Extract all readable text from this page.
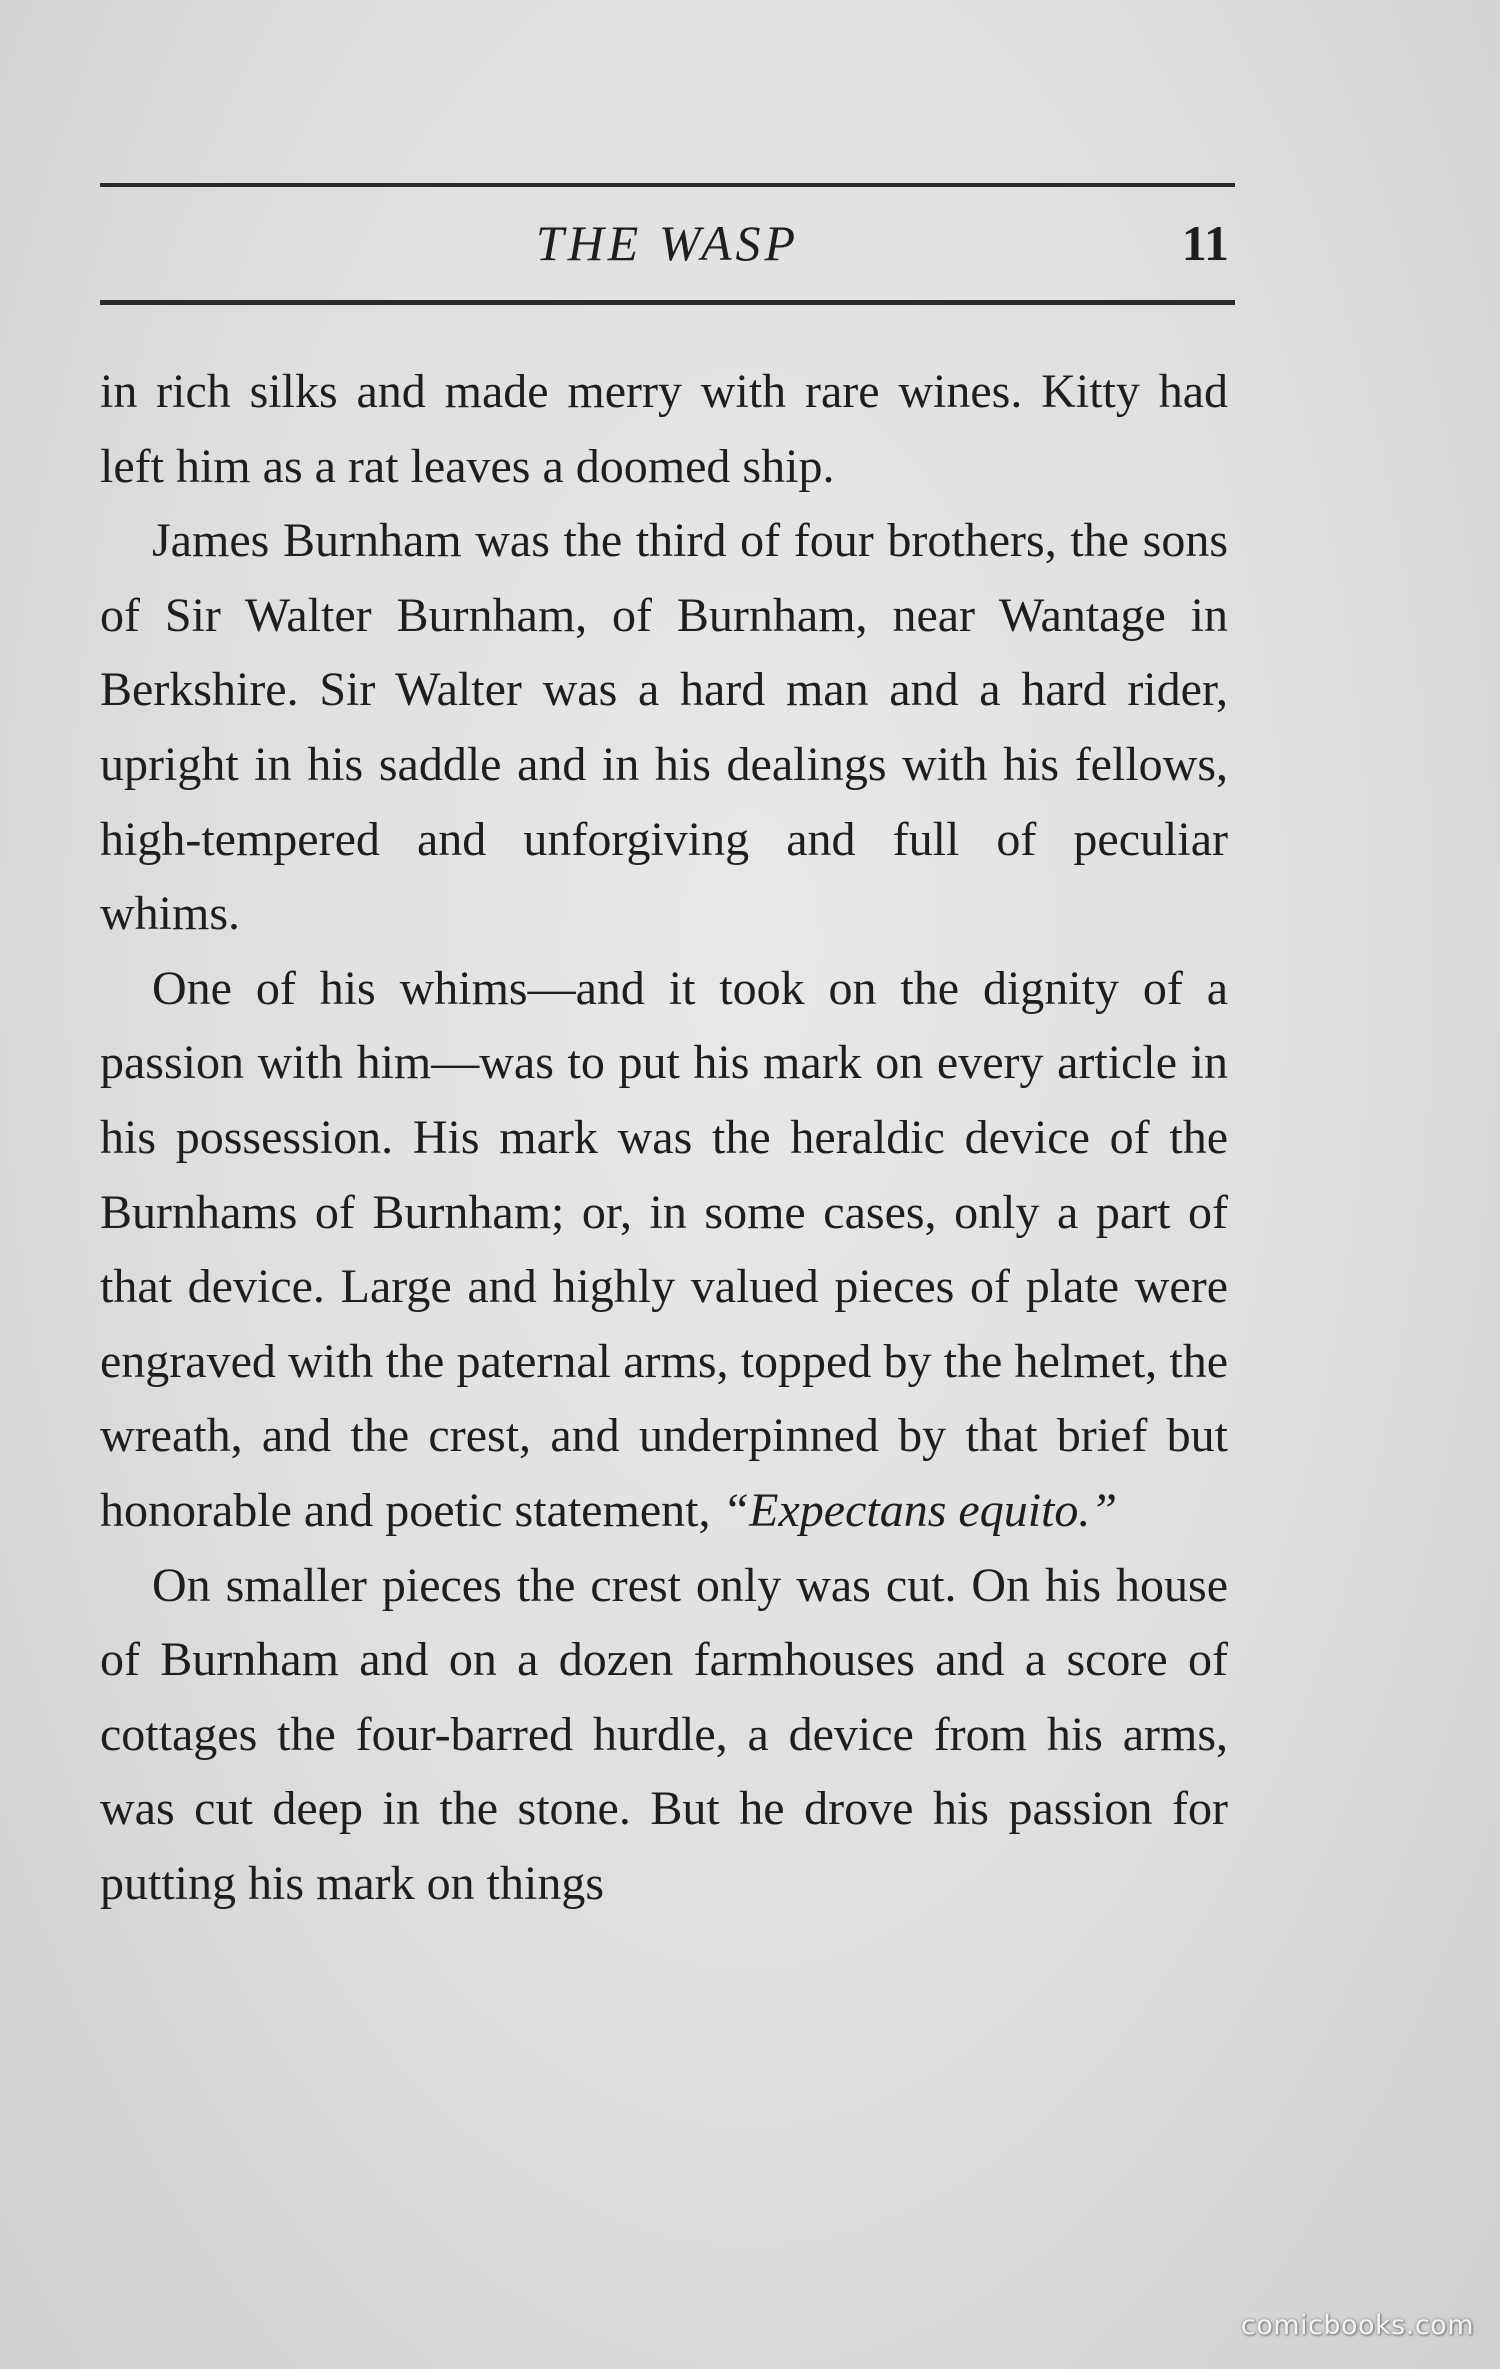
THE WASP	11

in rich silks and made merry with rare wines. Kitty had left him as a rat leaves a doomed ship.

James Burnham was the third of four brothers, the sons of Sir Walter Burnham, of Burnham, near Wantage in Berkshire. Sir Walter was a hard man and a hard rider, upright in his saddle and in his dealings with his fellows, high-tempered and unforgiving and full of peculiar whims.

One of his whims—and it took on the dignity of a passion with him—was to put his mark on every article in his possession. His mark was the heraldic device of the Burnhams of Burnham; or, in some cases, only a part of that device. Large and highly valued pieces of plate were engraved with the paternal arms, topped by the helmet, the wreath, and the crest, and underpinned by that brief but honorable and poetic statement, “Expectans equito.”

On smaller pieces the crest only was cut. On his house of Burnham and on a dozen farmhouses and a score of cottages the four-barred hurdle, a device from his arms, was cut deep in the stone. But he drove his passion for putting his mark on things

comicbooks.com
